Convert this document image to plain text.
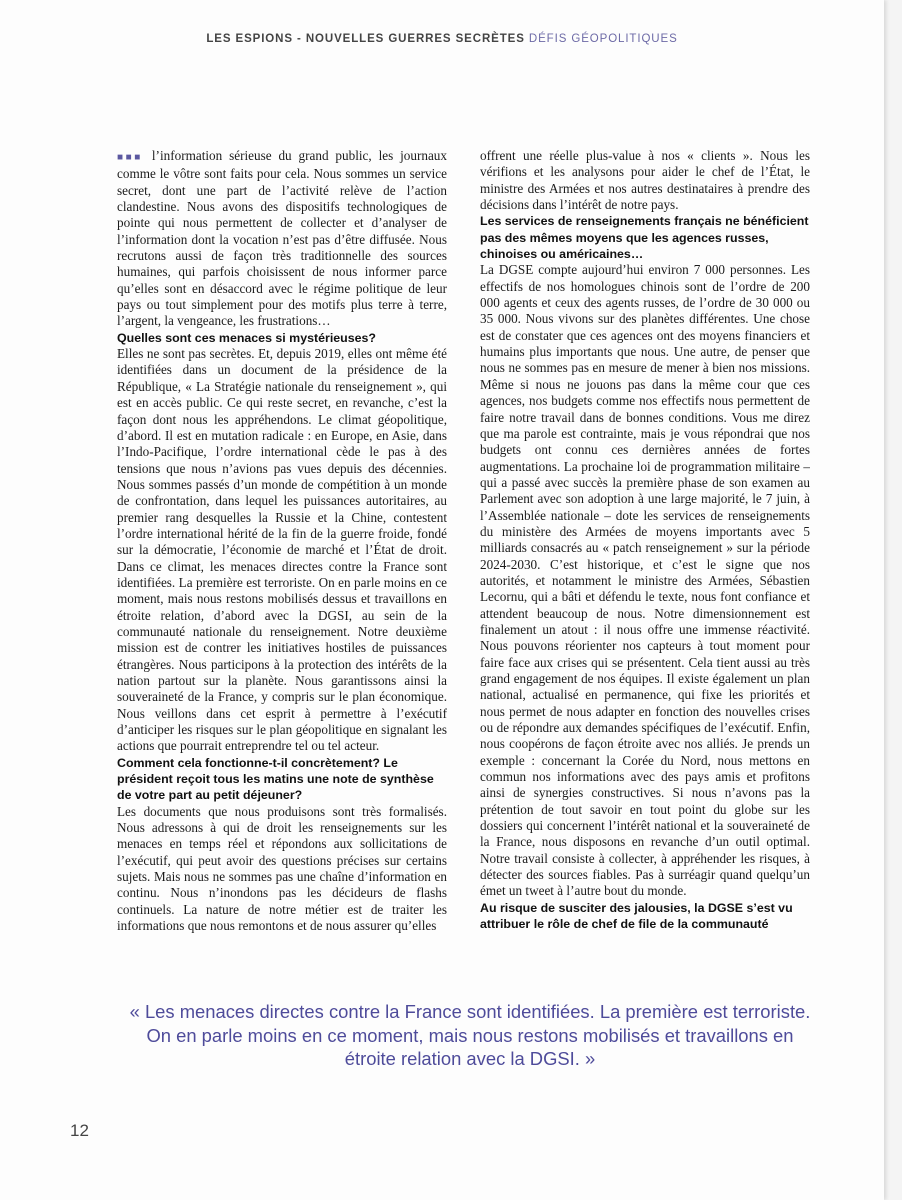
LES ESPIONS - NOUVELLES GUERRES SECRÈTES DÉFIS GÉOPOLITIQUES

■■■ l’information sérieuse du grand public, les journaux comme le vôtre sont faits pour cela. Nous sommes un service secret, dont une part de l’activité relève de l’action clandestine. Nous avons des dispositifs technologiques de pointe qui nous permettent de collecter et d’analyser de l’information dont la vocation n’est pas d’être diffusée. Nous recrutons aussi de façon très traditionnelle des sources humaines, qui parfois choisissent de nous informer parce qu’elles sont en désaccord avec le régime politique de leur pays ou tout simplement pour des motifs plus terre à terre, l’argent, la vengeance, les frustrations…

Quelles sont ces menaces si mystérieuses?

Elles ne sont pas secrètes. Et, depuis 2019, elles ont même été identifiées dans un document de la présidence de la République, « La Stratégie nationale du renseignement », qui est en accès public. Ce qui reste secret, en revanche, c’est la façon dont nous les appréhendons. Le climat géopolitique, d’abord. Il est en mutation radicale : en Europe, en Asie, dans l’Indo-Pacifique, l’ordre international cède le pas à des tensions que nous n’avions pas vues depuis des décennies. Nous sommes passés d’un monde de compétition à un monde de confrontation, dans lequel les puissances autoritaires, au premier rang desquelles la Russie et la Chine, contestent l’ordre international hérité de la fin de la guerre froide, fondé sur la démocratie, l’économie de marché et l’État de droit. Dans ce climat, les menaces directes contre la France sont identifiées. La première est terroriste. On en parle moins en ce moment, mais nous restons mobilisés dessus et travaillons en étroite relation, d’abord avec la DGSI, au sein de la communauté nationale du renseignement. Notre deuxième mission est de contrer les initiatives hostiles de puissances étrangères. Nous participons à la protection des intérêts de la nation partout sur la planète. Nous garantissons ainsi la souveraineté de la France, y compris sur le plan économique. Nous veillons dans cet esprit à permettre à l’exécutif d’anticiper les risques sur le plan géopolitique en signalant les actions que pourrait entreprendre tel ou tel acteur.

Comment cela fonctionne-t-il concrètement? Le président reçoit tous les matins une note de synthèse de votre part au petit déjeuner?

Les documents que nous produisons sont très formalisés. Nous adressons à qui de droit les renseignements sur les menaces en temps réel et répondons aux sollicitations de l’exécutif, qui peut avoir des questions précises sur certains sujets. Mais nous ne sommes pas une chaîne d’information en continu. Nous n’inondons pas les décideurs de flashs continuels. La nature de notre métier est de traiter les informations que nous remontons et de nous assurer qu’elles

offrent une réelle plus-value à nos « clients ». Nous les vérifions et les analysons pour aider le chef de l’État, le ministre des Armées et nos autres destinataires à prendre des décisions dans l’intérêt de notre pays.

Les services de renseignements français ne bénéficient pas des mêmes moyens que les agences russes, chinoises ou américaines…

La DGSE compte aujourd’hui environ 7 000 personnes. Les effectifs de nos homologues chinois sont de l’ordre de 200 000 agents et ceux des agents russes, de l’ordre de 30 000 ou 35 000. Nous vivons sur des planètes différentes. Une chose est de constater que ces agences ont des moyens financiers et humains plus importants que nous. Une autre, de penser que nous ne sommes pas en mesure de mener à bien nos missions. Même si nous ne jouons pas dans la même cour que ces agences, nos budgets comme nos effectifs nous permettent de faire notre travail dans de bonnes conditions. Vous me direz que ma parole est contrainte, mais je vous répondrai que nos budgets ont connu ces dernières années de fortes augmentations. La prochaine loi de programmation militaire – qui a passé avec succès la première phase de son examen au Parlement avec son adoption à une large majorité, le 7 juin, à l’Assemblée nationale – dote les services de renseignements du ministère des Armées de moyens importants avec 5 milliards consacrés au « patch renseignement » sur la période 2024-2030. C’est historique, et c’est le signe que nos autorités, et notamment le ministre des Armées, Sébastien Lecornu, qui a bâti et défendu le texte, nous font confiance et attendent beaucoup de nous. Notre dimensionnement est finalement un atout : il nous offre une immense réactivité. Nous pouvons réorienter nos capteurs à tout moment pour faire face aux crises qui se présentent. Cela tient aussi au très grand engagement de nos équipes. Il existe également un plan national, actualisé en permanence, qui fixe les priorités et nous permet de nous adapter en fonction des nouvelles crises ou de répondre aux demandes spécifiques de l’exécutif. Enfin, nous coopérons de façon étroite avec nos alliés. Je prends un exemple : concernant la Corée du Nord, nous mettons en commun nos informations avec des pays amis et profitons ainsi de synergies constructives. Si nous n’avons pas la prétention de tout savoir en tout point du globe sur les dossiers qui concernent l’intérêt national et la souveraineté de la France, nous disposons en revanche d’un outil optimal. Notre travail consiste à collecter, à appréhender les risques, à détecter des sources fiables. Pas à surréagir quand quelqu’un émet un tweet à l’autre bout du monde.

Au risque de susciter des jalousies, la DGSE s’est vu attribuer le rôle de chef de file de la communauté

« Les menaces directes contre la France sont identifiées. La première est terroriste. On en parle moins en ce moment, mais nous restons mobilisés et travaillons en étroite relation avec la DGSI. »
12
